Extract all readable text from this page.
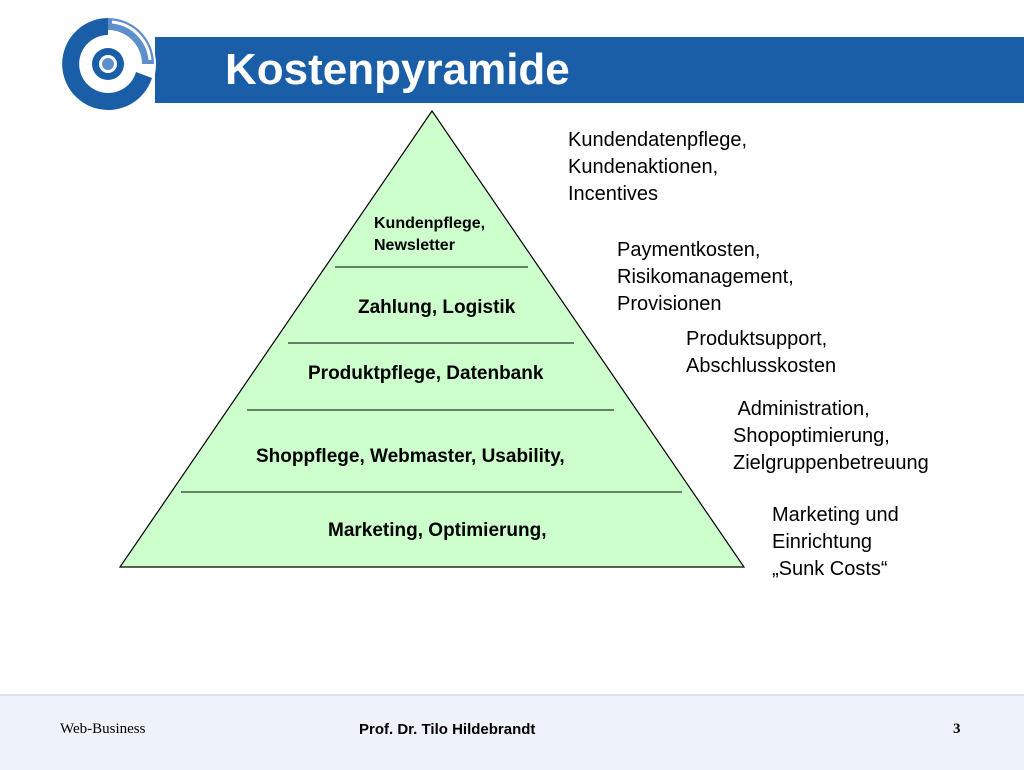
Kostenpyramide
Kundenpflege,
Newsletter
Zahlung, Logistik
Produktpflege, Datenbank
Shoppflege, Webmaster, Usability,
Marketing, Optimierung,
Kundendatenpflege,
Kundenaktionen,
Incentives
Paymentkosten,
Risikomanagement,
Provisionen
Produktsupport,
Abschlusskosten
Administration,
Shopoptimierung,
Zielgruppenbetreuung
Marketing und
Einrichtung
„Sunk Costs“
Web-Business	Prof. Dr. Tilo Hildebrandt	3
